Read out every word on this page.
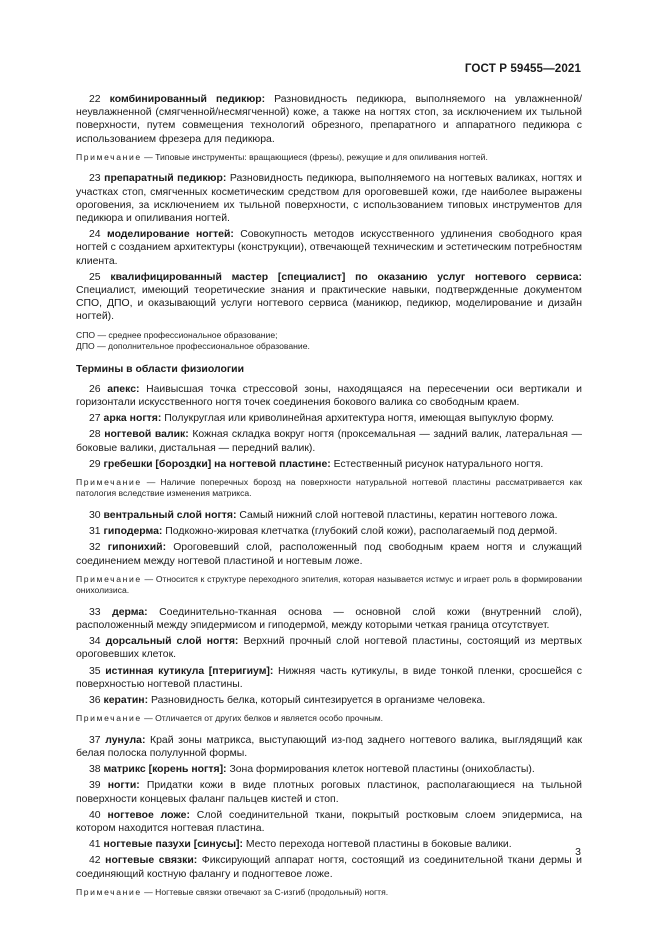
ГОСТ Р 59455—2021

22 комбинированный педикюр: Разновидность педикюра, выполняемого на увлажненной/неувлажненной (смягченной/несмягченной) коже, а также на ногтях стоп, за исключением их тыльной поверхности, путем совмещения технологий обрезного, препаратного и аппаратного педикюра с использованием фрезера для педикюра.

Примечание — Типовые инструменты: вращающиеся (фрезы), режущие и для опиливания ногтей.

23 препаратный педикюр: Разновидность педикюра, выполняемого на ногтевых валиках, ногтях и участках стоп, смягченных косметическим средством для ороговевшей кожи, где наиболее выражены ороговения, за исключением их тыльной поверхности, с использованием типовых инструментов для педикюра и опиливания ногтей.

24 моделирование ногтей: Совокупность методов искусственного удлинения свободного края ногтей с созданием архитектуры (конструкции), отвечающей техническим и эстетическим потребностям клиента.

25 квалифицированный мастер [специалист] по оказанию услуг ногтевого сервиса: Специалист, имеющий теоретические знания и практические навыки, подтвержденные документом СПО, ДПО, и оказывающий услуги ногтевого сервиса (маникюр, педикюр, моделирование и дизайн ногтей).

СПО — среднее профессиональное образование;
ДПО — дополнительное профессиональное образование.
Термины в области физиологии

26 апекс: Наивысшая точка стрессовой зоны, находящаяся на пересечении оси вертикали и горизонтали искусственного ногтя точек соединения бокового валика со свободным краем.

27 арка ногтя: Полукруглая или криволинейная архитектура ногтя, имеющая выпуклую форму.

28 ногтевой валик: Кожная складка вокруг ногтя (проксемальная — задний валик, латеральная — боковые валики, дистальная — передний валик).

29 гребешки [бороздки] на ногтевой пластине: Естественный рисунок натурального ногтя.

Примечание — Наличие поперечных борозд на поверхности натуральной ногтевой пластины рассматривается как патология вследствие изменения матрикса.

30 вентральный слой ногтя: Самый нижний слой ногтевой пластины, кератин ногтевого ложа.

31 гиподерма: Подкожно-жировая клетчатка (глубокий слой кожи), располагаемый под дермой.

32 гипонихий: Ороговевший слой, расположенный под свободным краем ногтя и служащий соединением между ногтевой пластиной и ногтевым ложе.

Примечание — Относится к структуре переходного эпителия, которая называется истмус и играет роль в формировании онихолизиса.

33 дерма: Соединительно-тканная основа — основной слой кожи (внутренний слой), расположенный между эпидермисом и гиподермой, между которыми четкая граница отсутствует.

34 дорсальный слой ногтя: Верхний прочный слой ногтевой пластины, состоящий из мертвых ороговевших клеток.

35 истинная кутикула [птеригиум]: Нижняя часть кутикулы, в виде тонкой пленки, сросшейся с поверхностью ногтевой пластины.

36 кератин: Разновидность белка, который синтезируется в организме человека.

Примечание — Отличается от других белков и является особо прочным.

37 лунула: Край зоны матрикса, выступающий из-под заднего ногтевого валика, выглядящий как белая полоска полулунной формы.

38 матрикс [корень ногтя]: Зона формирования клеток ногтевой пластины (онихобласты).

39 ногти: Придатки кожи в виде плотных роговых пластинок, располагающиеся на тыльной поверхности концевых фаланг пальцев кистей и стоп.

40 ногтевое ложе: Слой соединительной ткани, покрытый ростковым слоем эпидермиса, на котором находится ногтевая пластина.

41 ногтевые пазухи [синусы]: Место перехода ногтевой пластины в боковые валики.

42 ногтевые связки: Фиксирующий аппарат ногтя, состоящий из соединительной ткани дермы и соединяющий костную фалангу и подногтевое ложе.

Примечание — Ногтевые связки отвечают за С-изгиб (продольный) ногтя.

3
